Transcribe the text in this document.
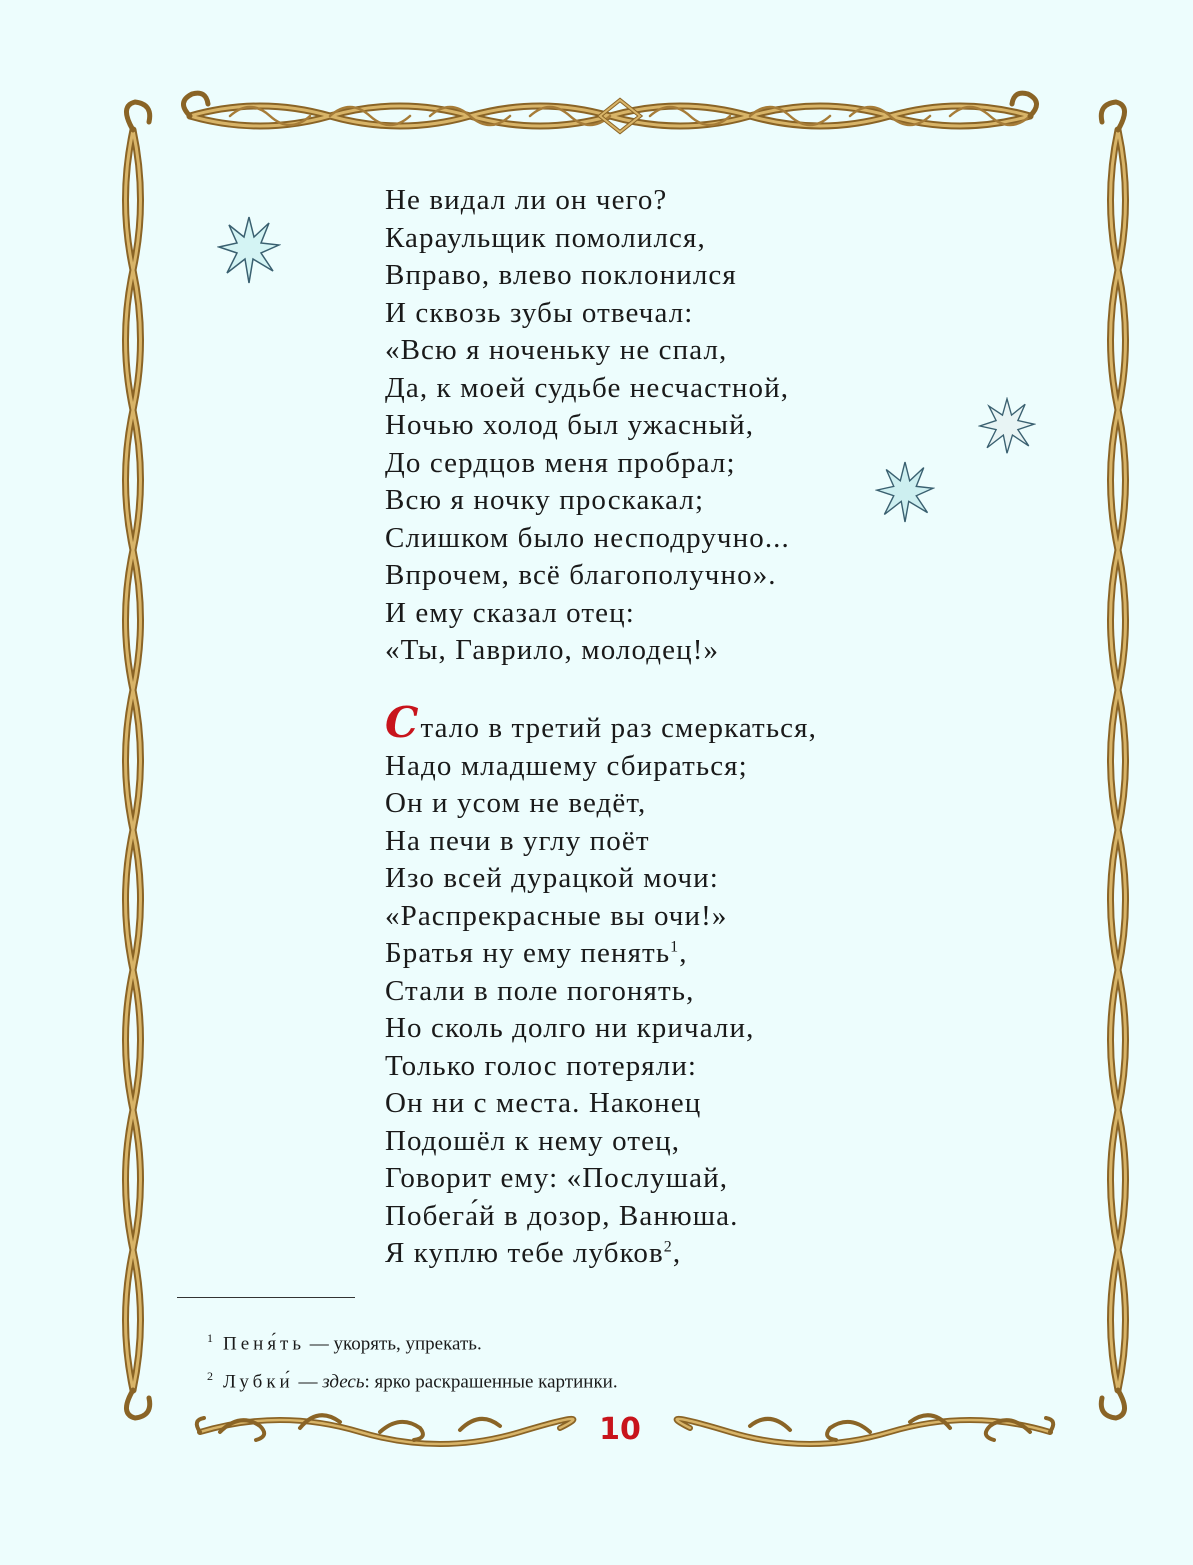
Не видал ли он чего?
Караульщик помолился,
Вправо, влево поклонился
И сквозь зубы отвечал:
«Всю я ноченьку не спал,
Да, к моей судьбе несчастной,
Ночью холод был ужасный,
До сердцов меня пробрал;
Всю я ночку проскакал;
Слишком было несподручно...
Впрочем, всё благополучно».
И ему сказал отец:
«Ты, Гаврило, молодец!»
Стало в третий раз смеркаться,
Надо младшему сбираться;
Он и усом не ведёт,
На печи в углу поёт
Изо всей дурацкой мочи:
«Распрекрасные вы очи!»
Братья ну ему пенять$^1$,
Стали в поле погонять,
Но сколь долго ни кричали,
Только голос потеряли:
Он ни с места. Наконец
Подошёл к нему отец,
Говорит ему: «Послушай,
Побега́й в дозор, Ванюша.
Я куплю тебе лубков$^2$,
$^1$ Пеня́ть — укорять, упрекать.
$^2$ Лубки́ — здесь: ярко раскрашенные картинки.
10
